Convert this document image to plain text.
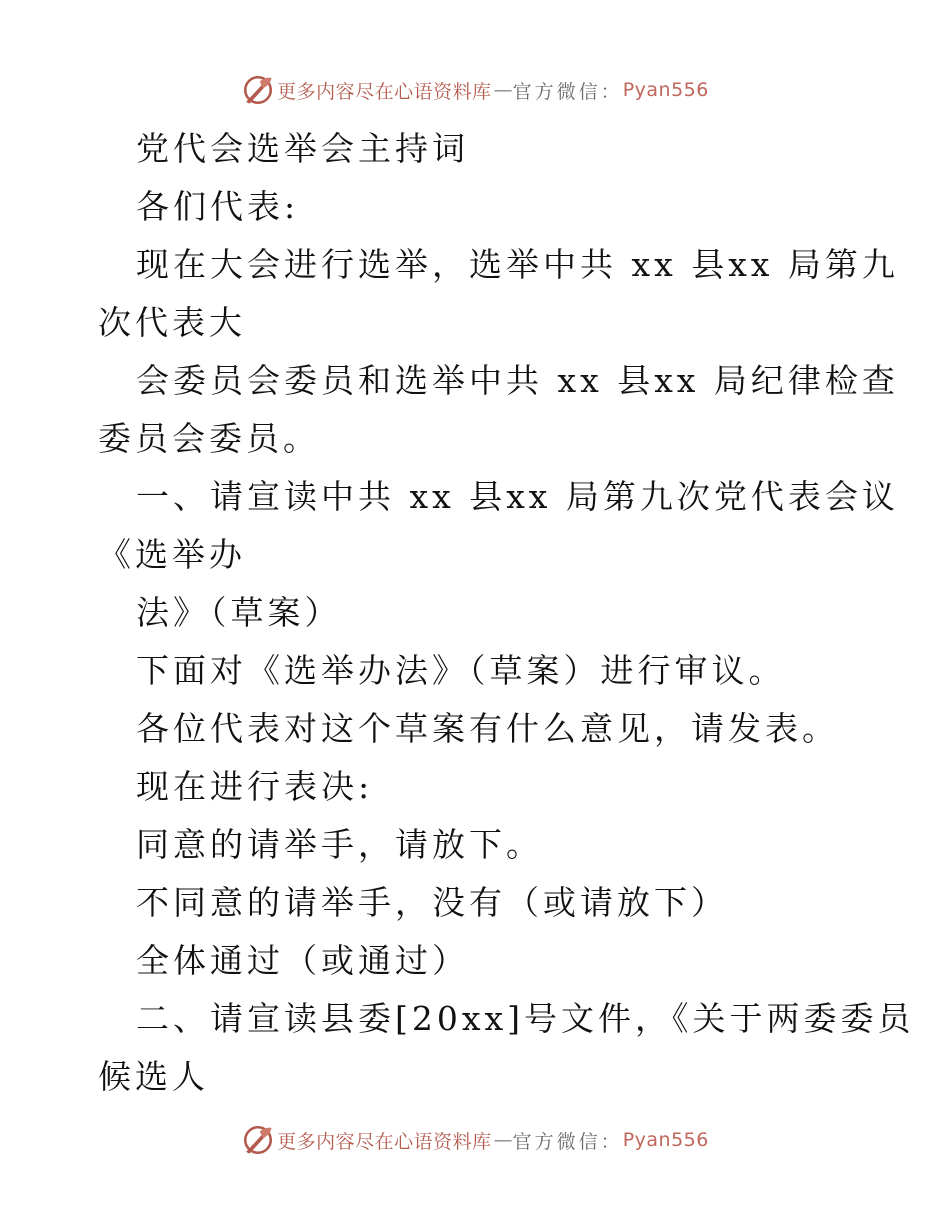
更多内容尽在心语资料库 — 官方微信： Pyan556

党代会选举会主持词

各们代表:

现在大会进行选举，选举中共 xx 县xx 局第九

次代表大

会委员会委员和选举中共 xx 县xx 局纪律检查

委员会委员。

一、请宣读中共 xx 县xx 局第九次党代表会议

《选举办

法》（草案）

下面对《选举办法》（草案）进行审议。

各位代表对这个草案有什么意见，请发表。

现在进行表决:

同意的请举手，请放下。

不同意的请举手，没有（或请放下）

全体通过（或通过）

二、请宣读县委[20xx]号文件，《关于两委委员

候选人

更多内容尽在心语资料库 — 官方微信： Pyan556
